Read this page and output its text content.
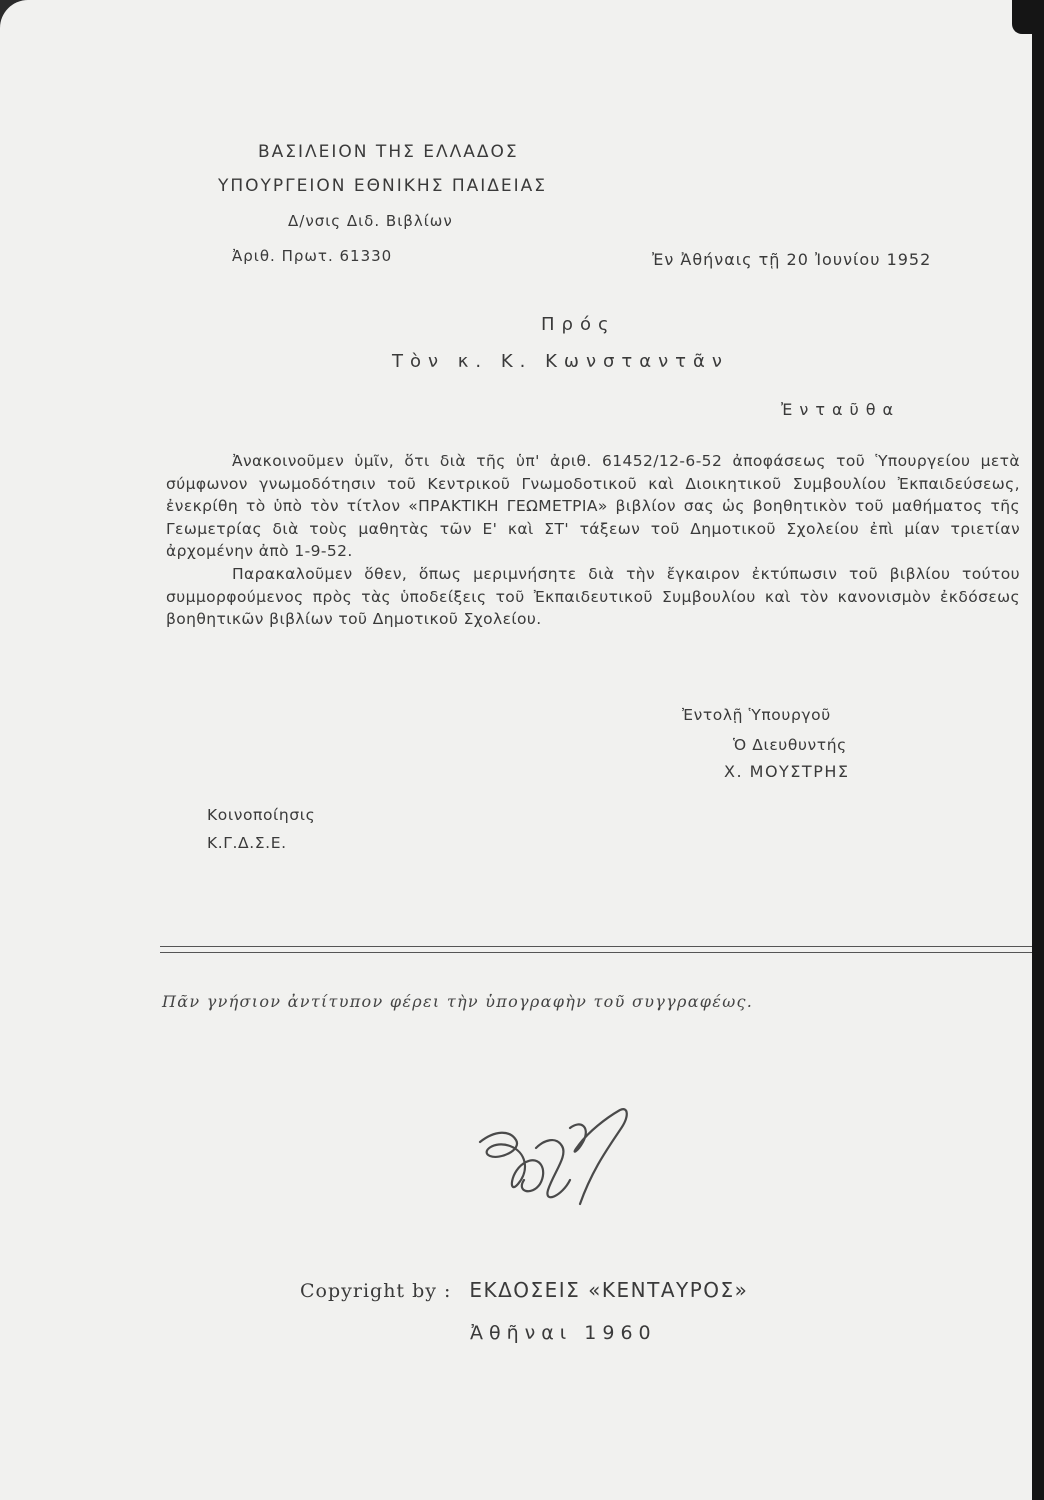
ΒΑΣΙΛΕΙΟΝ ΤΗΣ ΕΛΛΑΔΟΣ
ΥΠΟΥΡΓΕΙΟΝ ΕΘΝΙΚΗΣ ΠΑΙΔΕΙΑΣ
Δ/νσις Διδ. Βιβλίων
Ἀριθ. Πρωτ. 61330	Ἐν Ἀθήναις τῇ 20 Ἰουνίου 1952
Πρός
Τὸν κ. Κ. Κωνσταντᾶν
Ἐνταῦθα

Ἀνακοινοῦμεν ὑμῖν, ὅτι διὰ τῆς ὑπ' ἀριθ. 61452/12-6-52 ἀποφάσεως τοῦ Ὑπουργείου μετὰ σύμφωνον γνωμοδότησιν τοῦ Κεντρικοῦ Γνωμοδοτικοῦ καὶ Διοικητικοῦ Συμβουλίου Ἐκπαιδεύσεως, ἐνεκρίθη τὸ ὑπὸ τὸν τίτλον «ΠΡΑΚΤΙΚΗ ΓΕΩΜΕΤΡΙΑ» βιβλίον σας ὡς βοηθητικὸν τοῦ μαθήματος τῆς Γεωμετρίας διὰ τοὺς μαθητὰς τῶν Ε' καὶ ΣΤ' τάξεων τοῦ Δημοτικοῦ Σχολείου ἐπὶ μίαν τριετίαν ἀρχομένην ἀπὸ 1-9-52.

Παρακαλοῦμεν ὅθεν, ὅπως μεριμνήσητε διὰ τὴν ἔγκαιρον ἐκτύπωσιν τοῦ βιβλίου τούτου συμμορφούμενος πρὸς τὰς ὑποδείξεις τοῦ Ἐκπαιδευτικοῦ Συμβουλίου καὶ τὸν κανονισμὸν ἐκδόσεως βοηθητικῶν βιβλίων τοῦ Δημοτικοῦ Σχολείου.

Ἐντολῇ Ὑπουργοῦ
Ὁ Διευθυντής
Χ. ΜΟΥΣΤΡΗΣ
Κοινοποίησις
Κ.Γ.Δ.Σ.Ε.
Πᾶν γνήσιον ἀντίτυπον φέρει τὴν ὑπογραφὴν τοῦ συγγραφέως.
Copyright by : ΕΚΔΟΣΕΙΣ «ΚΕΝΤΑΥΡΟΣ»
Ἀθῆναι 1960
